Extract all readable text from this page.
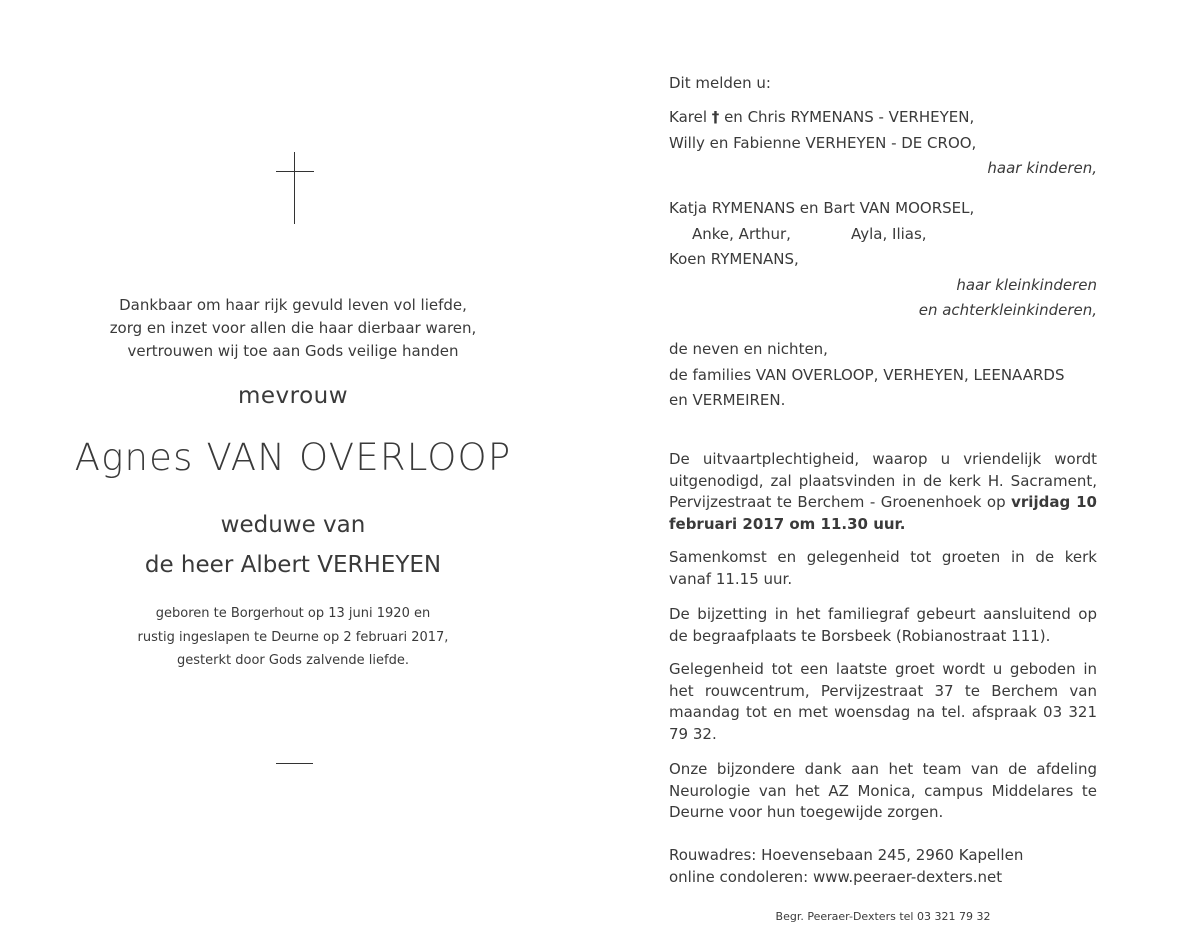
Dankbaar om haar rijk gevuld leven vol liefde,
zorg en inzet voor allen die haar dierbaar waren,
vertrouwen wij toe aan Gods veilige handen
mevrouw
Agnes VAN OVERLOOP
weduwe van
de heer Albert VERHEYEN
geboren te Borgerhout op 13 juni 1920 en
rustig ingeslapen te Deurne op 2 februari 2017,
gesterkt door Gods zalvende liefde.
Dit melden u:
Karel † en Chris RYMENANS - VERHEYEN,
Willy en Fabienne VERHEYEN - DE CROO,
haar kinderen,
Katja RYMENANS en Bart VAN MOORSEL,
Anke, Arthur,	Ayla, Ilias,
Koen RYMENANS,
haar kleinkinderen
en achterkleinkinderen,
de neven en nichten,
de families VAN OVERLOOP, VERHEYEN, LEENAARDS
en VERMEIREN.
De uitvaartplechtigheid, waarop u vriendelijk wordt uitgenodigd, zal plaatsvinden in de kerk H. Sacrament, Pervijzestraat te Berchem - Groenenhoek op vrijdag 10 februari 2017 om 11.30 uur.
Samenkomst en gelegenheid tot groeten in de kerk vanaf 11.15 uur.
De bijzetting in het familiegraf gebeurt aansluitend op de begraafplaats te Borsbeek (Robianostraat 111).
Gelegenheid tot een laatste groet wordt u geboden in het rouwcentrum, Pervijzestraat 37 te Berchem van maandag tot en met woensdag na tel. afspraak 03 321 79 32.
Onze bijzondere dank aan het team van de afdeling Neurologie van het AZ Monica, campus Middelares te Deurne voor hun toegewijde zorgen.
Rouwadres: Hoevensebaan 245, 2960 Kapellen
online condoleren: www.peeraer-dexters.net
Begr. Peeraer-Dexters tel 03 321 79 32
